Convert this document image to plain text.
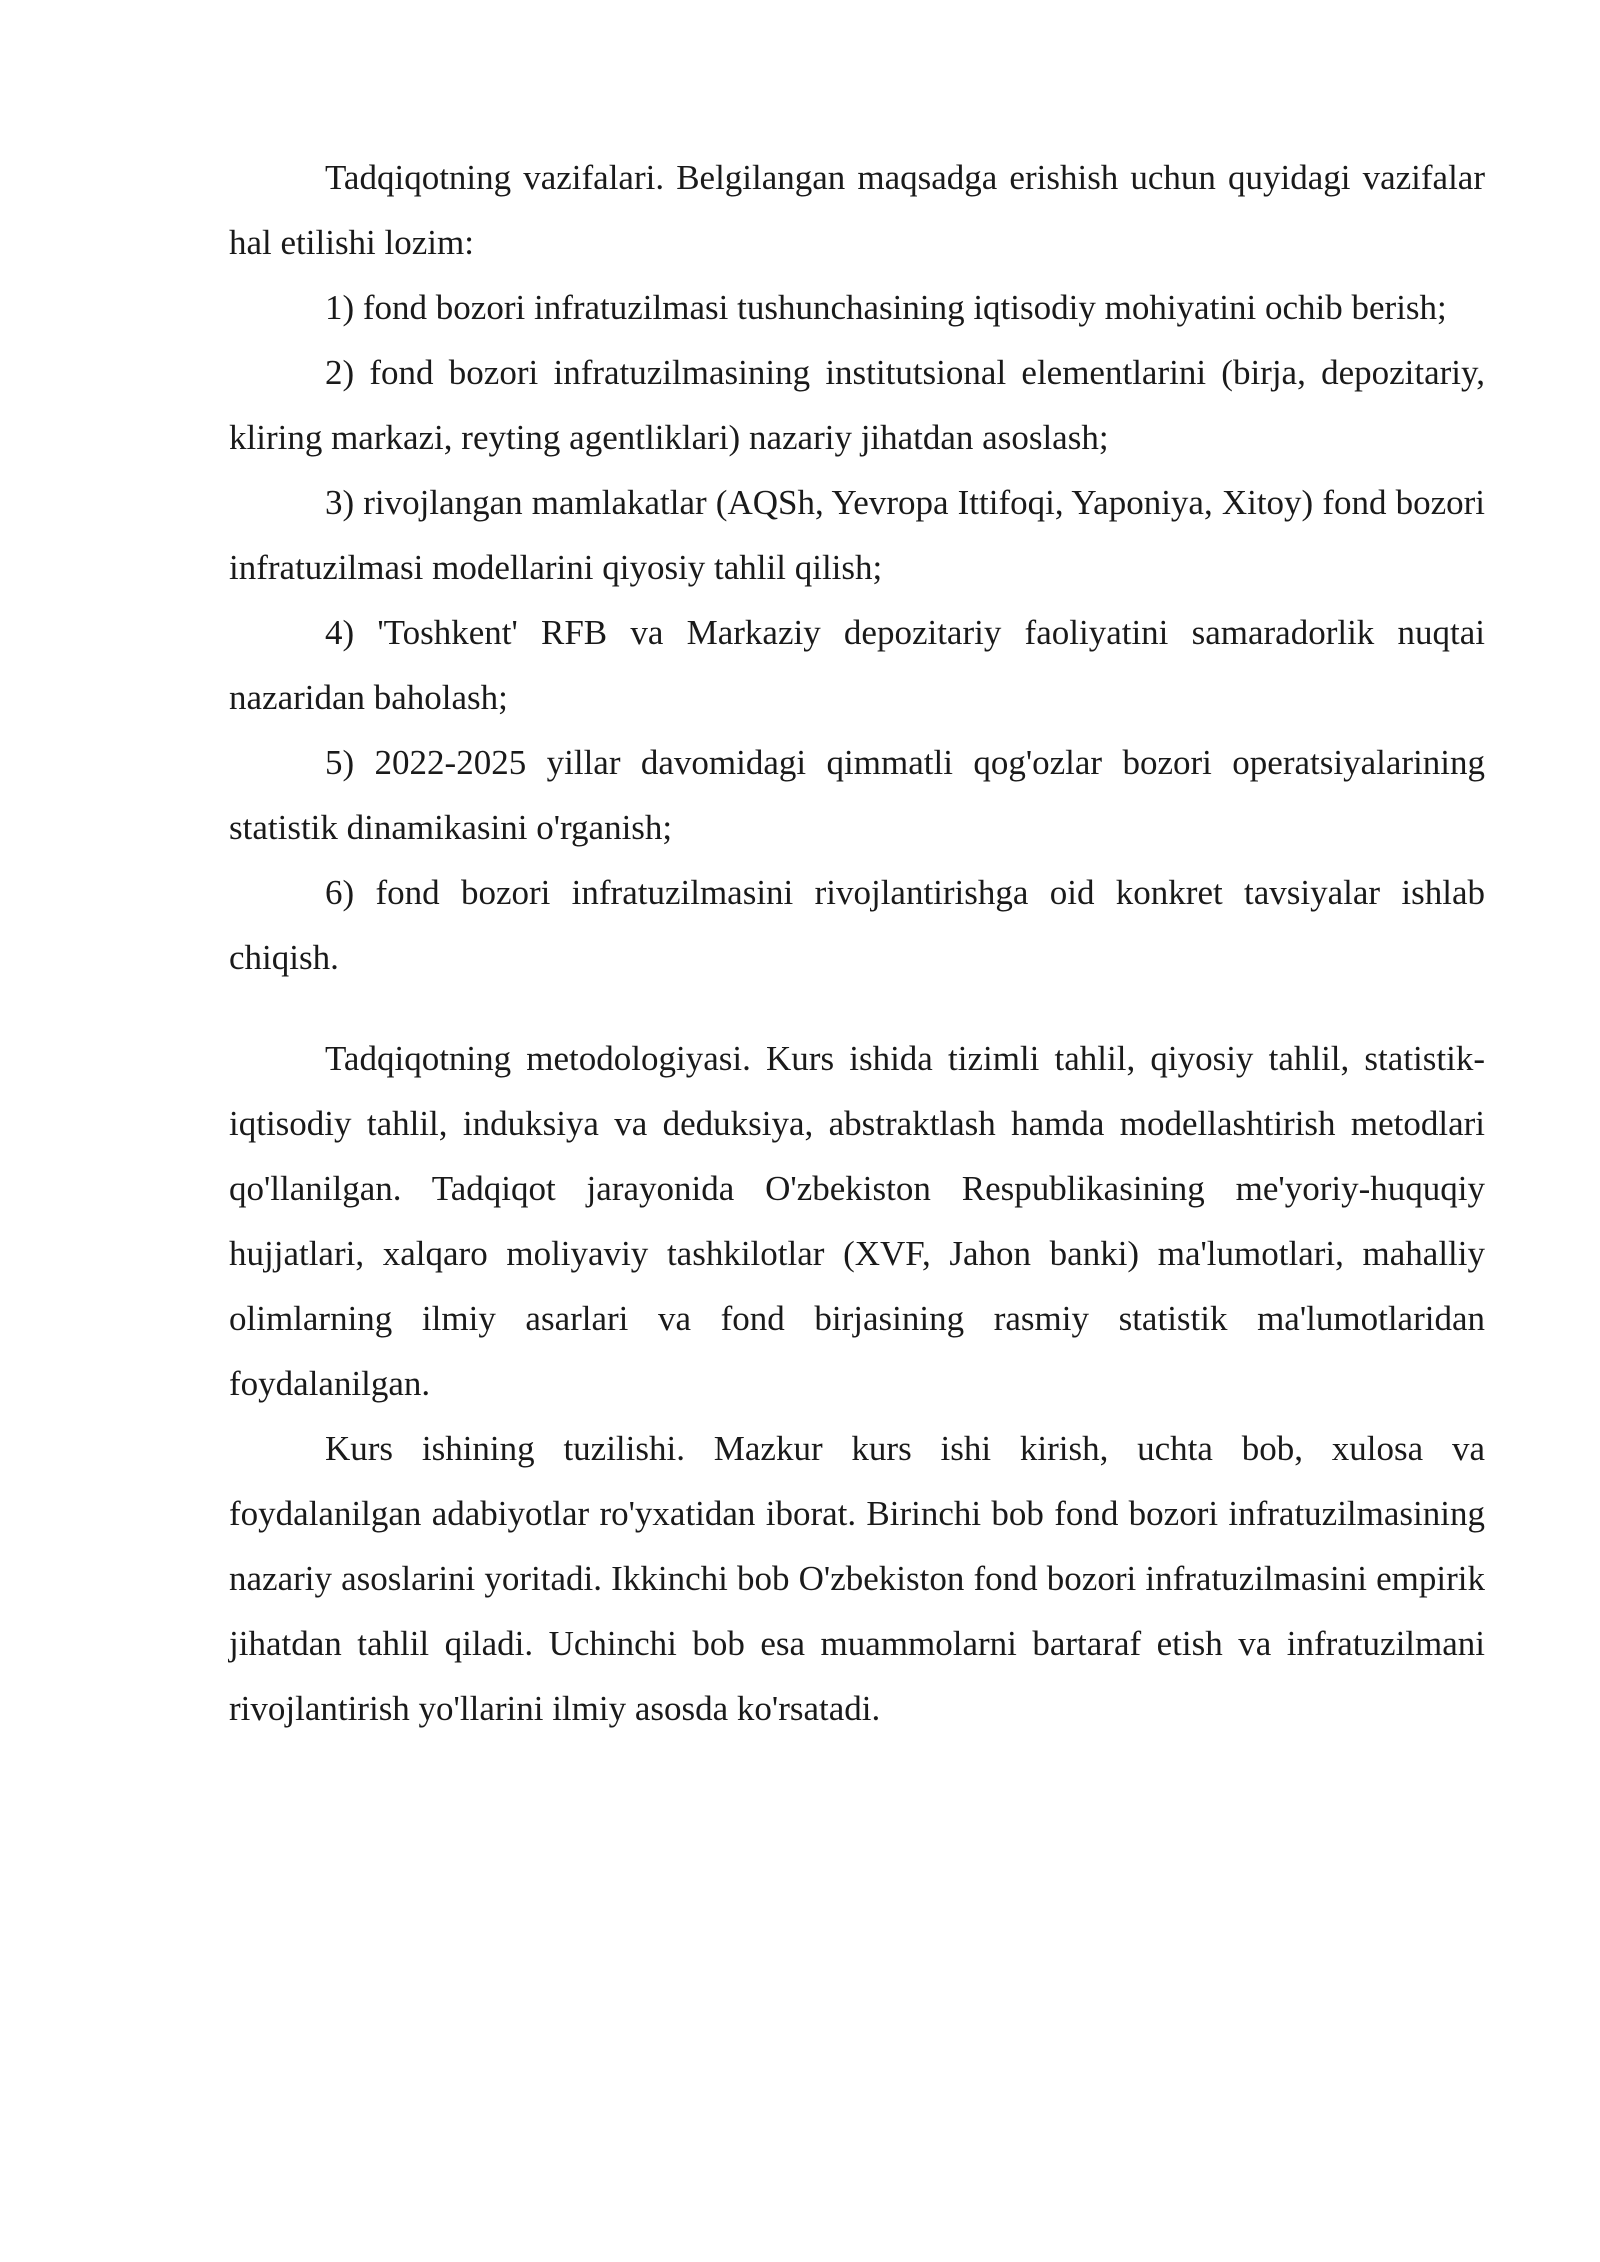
Tadqiqotning vazifalari. Belgilangan maqsadga erishish uchun quyidagi vazifalar hal etilishi lozim:

1) fond bozori infratuzilmasi tushunchasining iqtisodiy mohiyatini ochib berish;

2) fond bozori infratuzilmasining institutsional elementlarini (birja, depozitariy, kliring markazi, reyting agentliklari) nazariy jihatdan asoslash;

3) rivojlangan mamlakatlar (AQSh, Yevropa Ittifoqi, Yaponiya, Xitoy) fond bozori infratuzilmasi modellarini qiyosiy tahlil qilish;

4) 'Toshkent' RFB va Markaziy depozitariy faoliyatini samaradorlik nuqtai nazaridan baholash;

5) 2022-2025 yillar davomidagi qimmatli qog'ozlar bozori operatsiyalarining statistik dinamikasini o'rganish;

6) fond bozori infratuzilmasini rivojlantirishga oid konkret tavsiyalar ishlab chiqish.

Tadqiqotning metodologiyasi. Kurs ishida tizimli tahlil, qiyosiy tahlil, statistik-iqtisodiy tahlil, induksiya va deduksiya, abstraktlash hamda modellashtirish metodlari qo'llanilgan. Tadqiqot jarayonida O'zbekiston Respublikasining me'yoriy-huquqiy hujjatlari, xalqaro moliyaviy tashkilotlar (XVF, Jahon banki) ma'lumotlari, mahalliy olimlarning ilmiy asarlari va fond birjasining rasmiy statistik ma'lumotlaridan foydalanilgan.

Kurs ishining tuzilishi. Mazkur kurs ishi kirish, uchta bob, xulosa va foydalanilgan adabiyotlar ro'yxatidan iborat. Birinchi bob fond bozori infratuzilmasining nazariy asoslarini yoritadi. Ikkinchi bob O'zbekiston fond bozori infratuzilmasini empirik jihatdan tahlil qiladi. Uchinchi bob esa muammolarni bartaraf etish va infratuzilmani rivojlantirish yo'llarini ilmiy asosda ko'rsatadi.
